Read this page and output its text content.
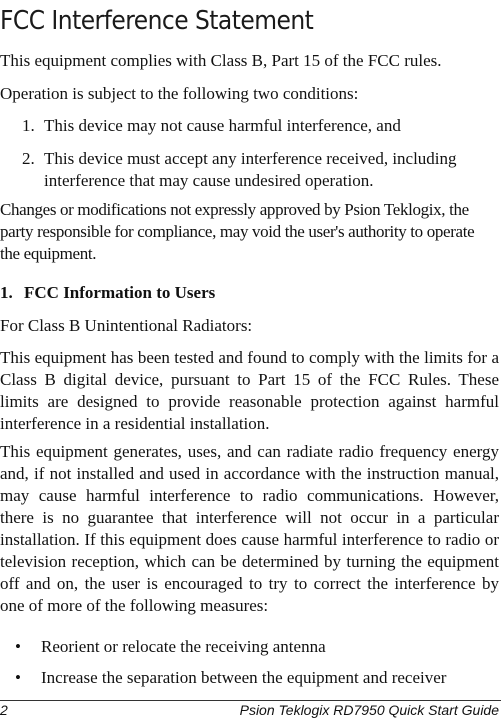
FCC Interference Statement

This equipment complies with Class B, Part 15 of the FCC rules.

Operation is subject to the following two conditions:

1. This device may not cause harmful interference, and
2. This device must accept any interference received, including interference that may cause undesired operation.

Changes or modifications not expressly approved by Psion Teklogix, the party responsible for compliance, may void the user's authority to operate the equipment.

1. FCC Information to Users

For Class B Unintentional Radiators:

This equipment has been tested and found to comply with the limits for a Class B digital device, pursuant to Part 15 of the FCC Rules. These limits are designed to provide reasonable protection against harmful interference in a residential installation.

This equipment generates, uses, and can radiate radio frequency energy and, if not installed and used in accordance with the instruction manual, may cause harmful interference to radio communications. However, there is no guarantee that interference will not occur in a particular installation. If this equipment does cause harmful interference to radio or television reception, which can be determined by turning the equipment off and on, the user is encouraged to try to correct the interference by one of more of the following measures:

•	Reorient or relocate the receiving antenna
•	Increase the separation between the equipment and receiver
2	Psion Teklogix RD7950 Quick Start Guide
